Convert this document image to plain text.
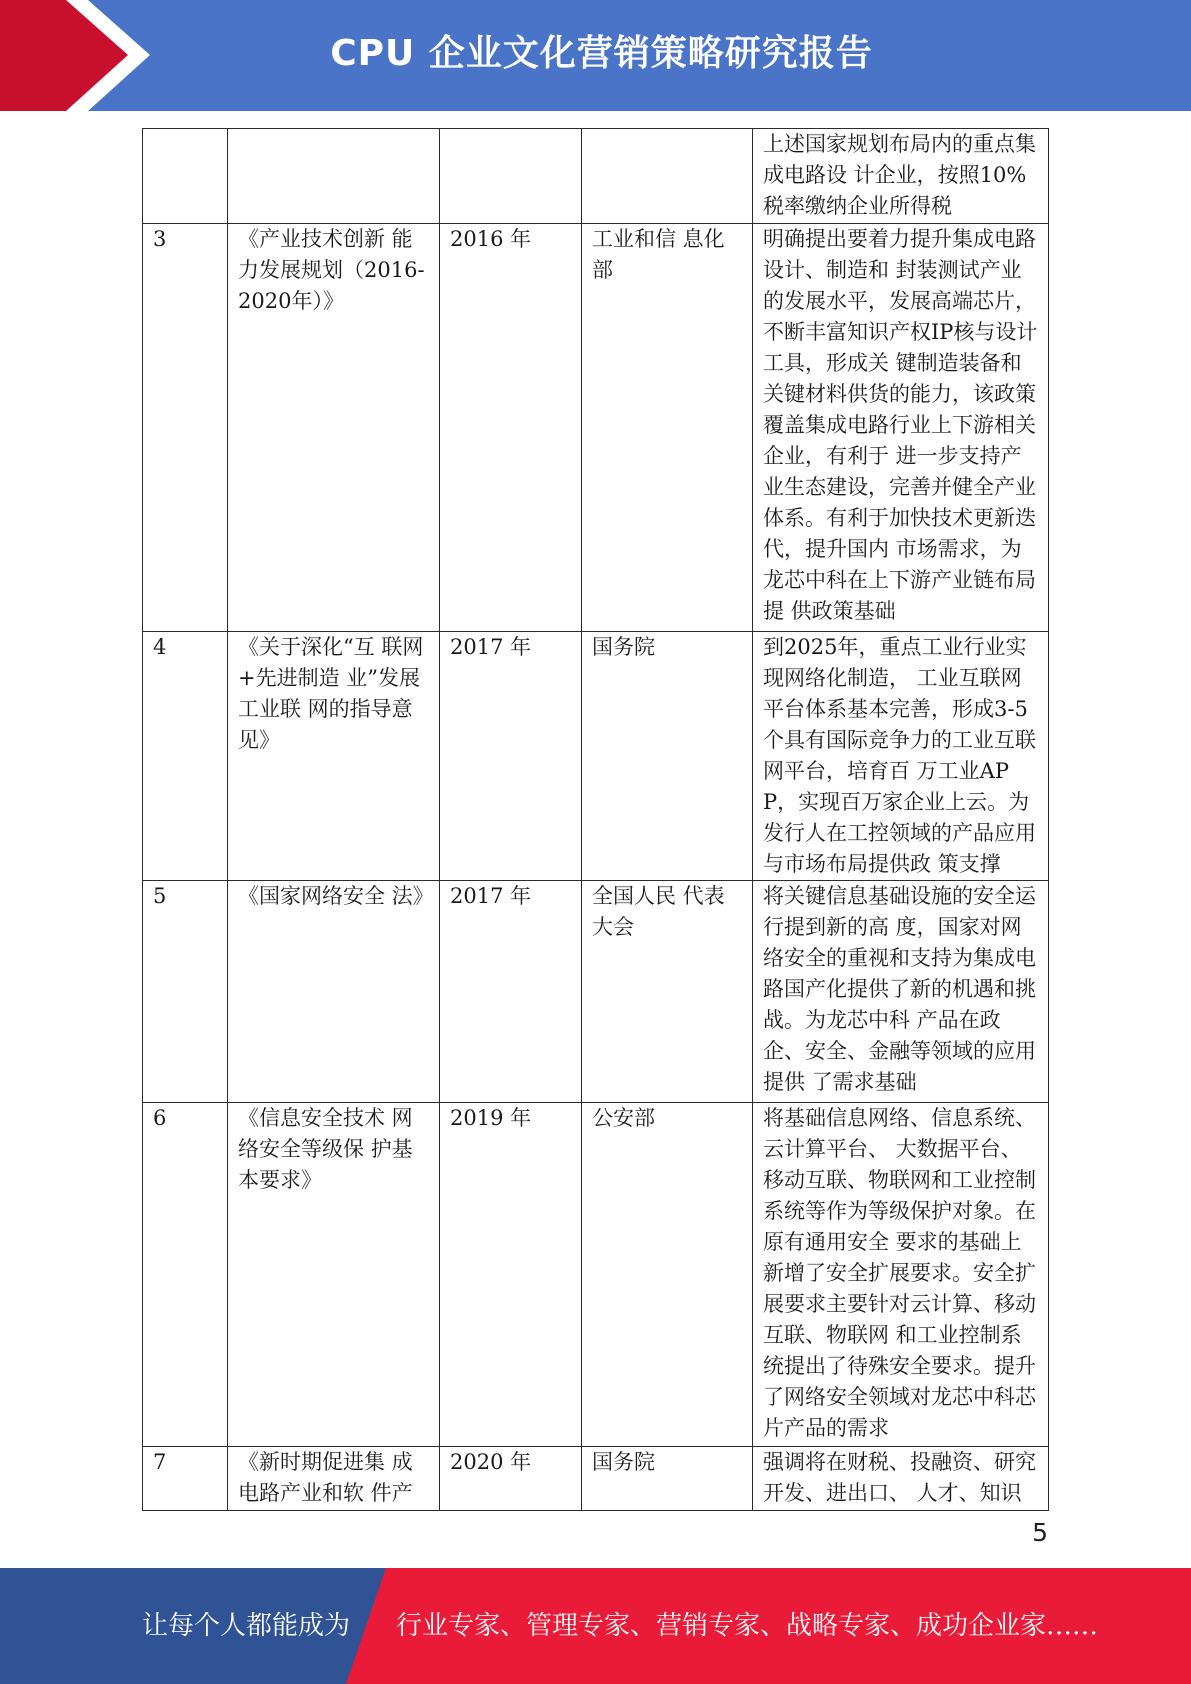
CPU 企业文化营销策略研究报告
				上述国家规划布局内的重点集成电路设 计企业，按照10%税率缴纳企业所得税
3	《产业技术创新 能力发展规划（2016-2020年）》	2016 年	工业和信 息化部	明确提出要着力提升集成电路设计、制造和 封装测试产业的发展水平，发展高端芯片，不断丰富知识产权IP核与设计工具，形成关 键制造装备和关键材料供货的能力，该政策覆盖集成电路行业上下游相关企业，有利于 进一步支持产业生态建设，完善并健全产业体系。有利于加快技术更新迭代，提升国内 市场需求，为龙芯中科在上下游产业链布局提 供政策基础
4	《关于深化“互 联网+先进制造 业”发展工业联 网的指导意见》	2017 年	国务院	到2025年，重点工业行业实现网络化制造， 工业互联网平台体系基本完善，形成3-5个具有国际竞争力的工业互联网平台，培育百 万工业APP，实现百万家企业上云。为发行人在工控领域的产品应用与市场布局提供政 策支撑
5	《国家网络安全 法》	2017 年	全国人民 代表大会	将关键信息基础设施的安全运行提到新的高 度，国家对网络安全的重视和支持为集成电路国产化提供了新的机遇和挑战。为龙芯中科 产品在政企、安全、金融等领域的应用提供 了需求基础
6	《信息安全技术 网络安全等级保 护基本要求》	2019 年	公安部	将基础信息网络、信息系统、云计算平台、 大数据平台、移动互联、物联网和工业控制系统等作为等级保护对象。在原有通用安全 要求的基础上新增了安全扩展要求。安全扩展要求主要针对云计算、移动互联、物联网 和工业控制系统提出了待殊安全要求。提升了网络安全领域对龙芯中科芯片产品的需求
7	《新时期促进集 成电路产业和软 件产	2020 年	国务院	强调将在财税、投融资、研究开发、进出口、 人才、知识
5
让每个人都能成为 行业专家、管理专家、营销专家、战略专家、成功企业家……
